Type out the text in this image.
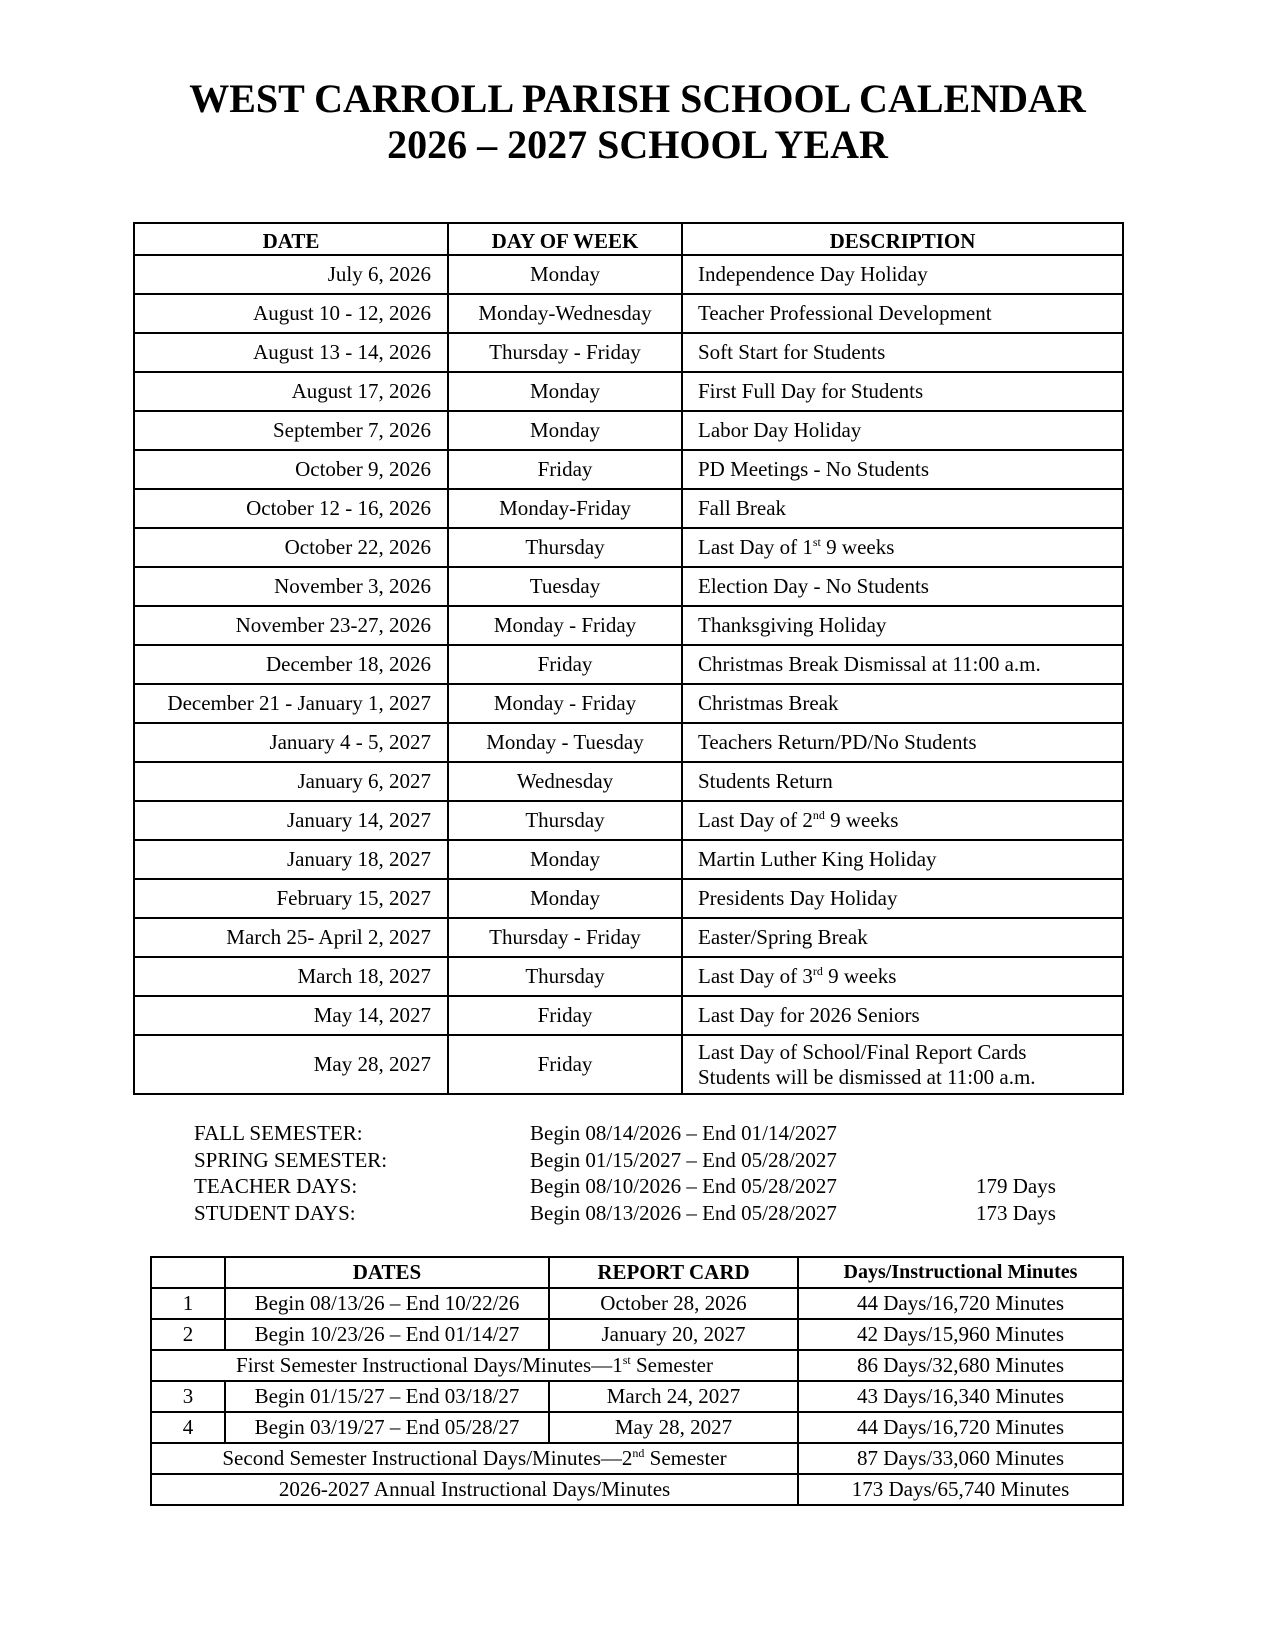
WEST CARROLL PARISH SCHOOL CALENDAR
2026 – 2027 SCHOOL YEAR
DATE	DAY OF WEEK	DESCRIPTION
July 6, 2026	Monday	Independence Day Holiday
August 10 - 12, 2026	Monday-Wednesday	Teacher Professional Development
August 13 - 14, 2026	Thursday - Friday	Soft Start for Students
August 17, 2026	Monday	First Full Day for Students
September 7, 2026	Monday	Labor Day Holiday
October 9, 2026	Friday	PD Meetings - No Students
October 12 - 16, 2026	Monday-Friday	Fall Break
October 22, 2026	Thursday	Last Day of 1st 9 weeks
November 3, 2026	Tuesday	Election Day - No Students
November 23-27, 2026	Monday - Friday	Thanksgiving Holiday
December 18, 2026	Friday	Christmas Break Dismissal at 11:00 a.m.
December 21 - January 1, 2027	Monday - Friday	Christmas Break
January 4 - 5, 2027	Monday - Tuesday	Teachers Return/PD/No Students
January 6, 2027	Wednesday	Students Return
January 14, 2027	Thursday	Last Day of 2nd 9 weeks
January 18, 2027	Monday	Martin Luther King Holiday
February 15, 2027	Monday	Presidents Day Holiday
March 25- April 2, 2027	Thursday - Friday	Easter/Spring Break
March 18, 2027	Thursday	Last Day of 3rd 9 weeks
May 14, 2027	Friday	Last Day for 2026 Seniors
May 28, 2027	Friday	Last Day of School/Final Report Cards
Students will be dismissed at 11:00 a.m.
FALL SEMESTER:	Begin 08/14/2026 – End 01/14/2027
SPRING SEMESTER:	Begin 01/15/2027 – End 05/28/2027
TEACHER DAYS:	Begin 08/10/2026 – End 05/28/2027	179 Days
STUDENT DAYS:	Begin 08/13/2026 – End 05/28/2027	173 Days
	DATES	REPORT CARD	Days/Instructional Minutes
1	Begin 08/13/26 – End 10/22/26	October 28, 2026	44 Days/16,720 Minutes
2	Begin 10/23/26 – End 01/14/27	January 20, 2027	42 Days/15,960 Minutes
First Semester Instructional Days/Minutes—1st Semester			86 Days/32,680 Minutes
3	Begin 01/15/27 – End 03/18/27	March 24, 2027	43 Days/16,340 Minutes
4	Begin 03/19/27 – End 05/28/27	May 28, 2027	44 Days/16,720 Minutes
Second Semester Instructional Days/Minutes—2nd Semester			87 Days/33,060 Minutes
2026-2027 Annual Instructional Days/Minutes			173 Days/65,740 Minutes
